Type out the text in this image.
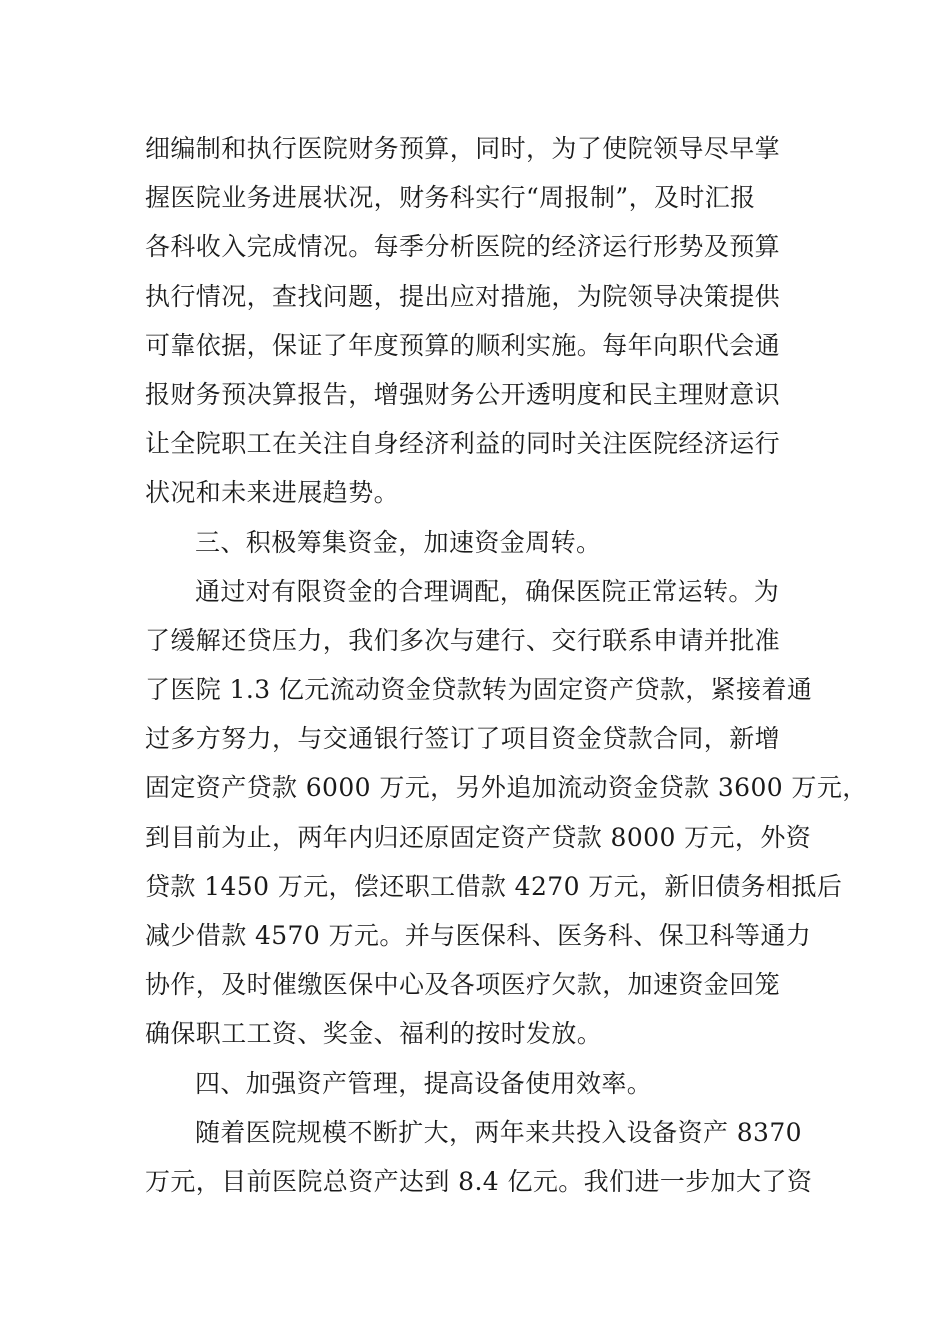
细编制和执行医院财务预算，同时，为了使院领导尽早掌
握医院业务进展状况，财务科实行“周报制”，及时汇报
各科收入完成情况。每季分析医院的经济运行形势及预算
执行情况，查找问题，提出应对措施，为院领导决策提供
可靠依据，保证了年度预算的顺利实施。每年向职代会通
报财务预决算报告，增强财务公开透明度和民主理财意识
让全院职工在关注自身经济利益的同时关注医院经济运行
状况和未来进展趋势。
三、积极筹集资金，加速资金周转。
通过对有限资金的合理调配，确保医院正常运转。为
了缓解还贷压力，我们多次与建行、交行联系申请并批准
了医院 1.3 亿元流动资金贷款转为固定资产贷款，紧接着通
过多方努力，与交通银行签订了项目资金贷款合同，新增
固定资产贷款 6000 万元，另外追加流动资金贷款 3600 万元，
到目前为止，两年内归还原固定资产贷款 8000 万元，外资
贷款 1450 万元，偿还职工借款 4270 万元，新旧债务相抵后
减少借款 4570 万元。并与医保科、医务科、保卫科等通力
协作，及时催缴医保中心及各项医疗欠款，加速资金回笼
确保职工工资、奖金、福利的按时发放。
四、加强资产管理，提高设备使用效率。
随着医院规模不断扩大，两年来共投入设备资产 8370
万元，目前医院总资产达到 8.4 亿元。我们进一步加大了资
